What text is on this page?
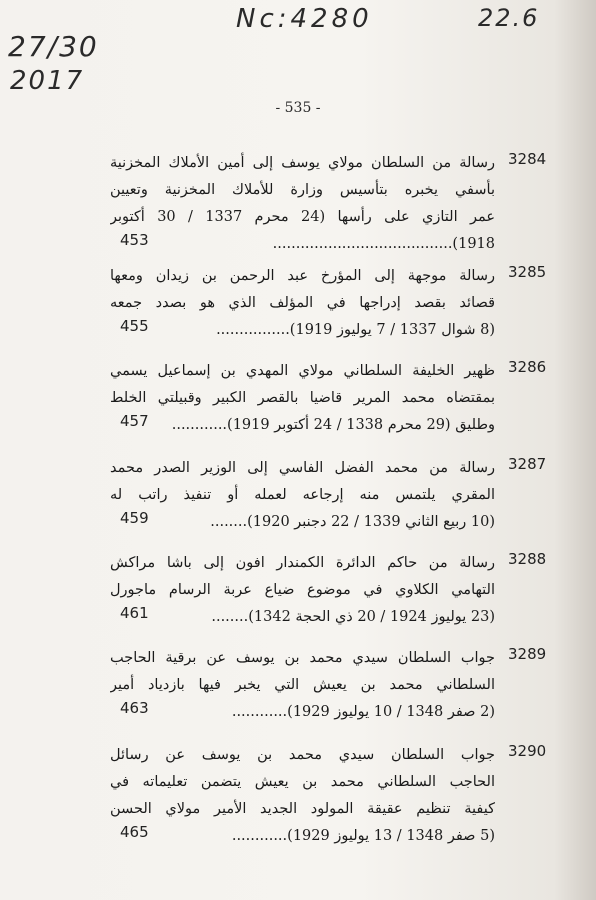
27/30
2017
Nc:4280	22.6
- 535 -
3284
رسالة من السلطان مولاي يوسف إلى أمين الأملاك المخزنية
بأسفي يخبره بتأسيس وزارة للأملاك المخزنية وتعيين
عمر التازي على رأسها (24 محرم 1337 / 30 أكتوبر
1918).......................................
453
3285
رسالة موجهة إلى المؤرخ عبد الرحمن بن زيدان ومعها
قصائد بقصد إدراجها في المؤلف الذي هو بصدد جمعه
(8 شوال 1337 / 7 يوليوز 1919)................
455
3286
ظهير الخليفة السلطاني مولاي المهدي بن إسماعيل يسمي
بمقتضاه محمد المرير قاضيا بالقصر الكبير وقبيلتي الخلط
وطليق (29 محرم 1338 / 24 أكتوبر 1919)............
457
3287
رسالة من محمد الفضل الفاسي إلى الوزير الصدر محمد
المقري يلتمس منه إرجاعه لعمله أو تنفيذ راتب له
(10 ربيع الثاني 1339 / 22 دجنبر 1920)........
459
3288
رسالة من حاكم الدائرة الكمندار افون إلى باشا مراكش
التهامي الكلاوي في موضوع ضياع عربة الرسام ماجورل
(23 يوليوز 1924 / 20 ذي الحجة 1342)........
461
3289
جواب السلطان سيدي محمد بن يوسف عن برقية الحاجب
السلطاني محمد بن يعيش التي يخبر فيها بازدياد أمير
(2 صفر 1348 / 10 يوليوز 1929)............
463
3290
جواب السلطان سيدي محمد بن يوسف عن رسائل
الحاجب السلطاني محمد بن يعيش يتضمن تعليماته في
كيفية تنظيم عقيقة المولود الجديد الأمير مولاي الحسن
(5 صفر 1348 / 13 يوليوز 1929)............
465
